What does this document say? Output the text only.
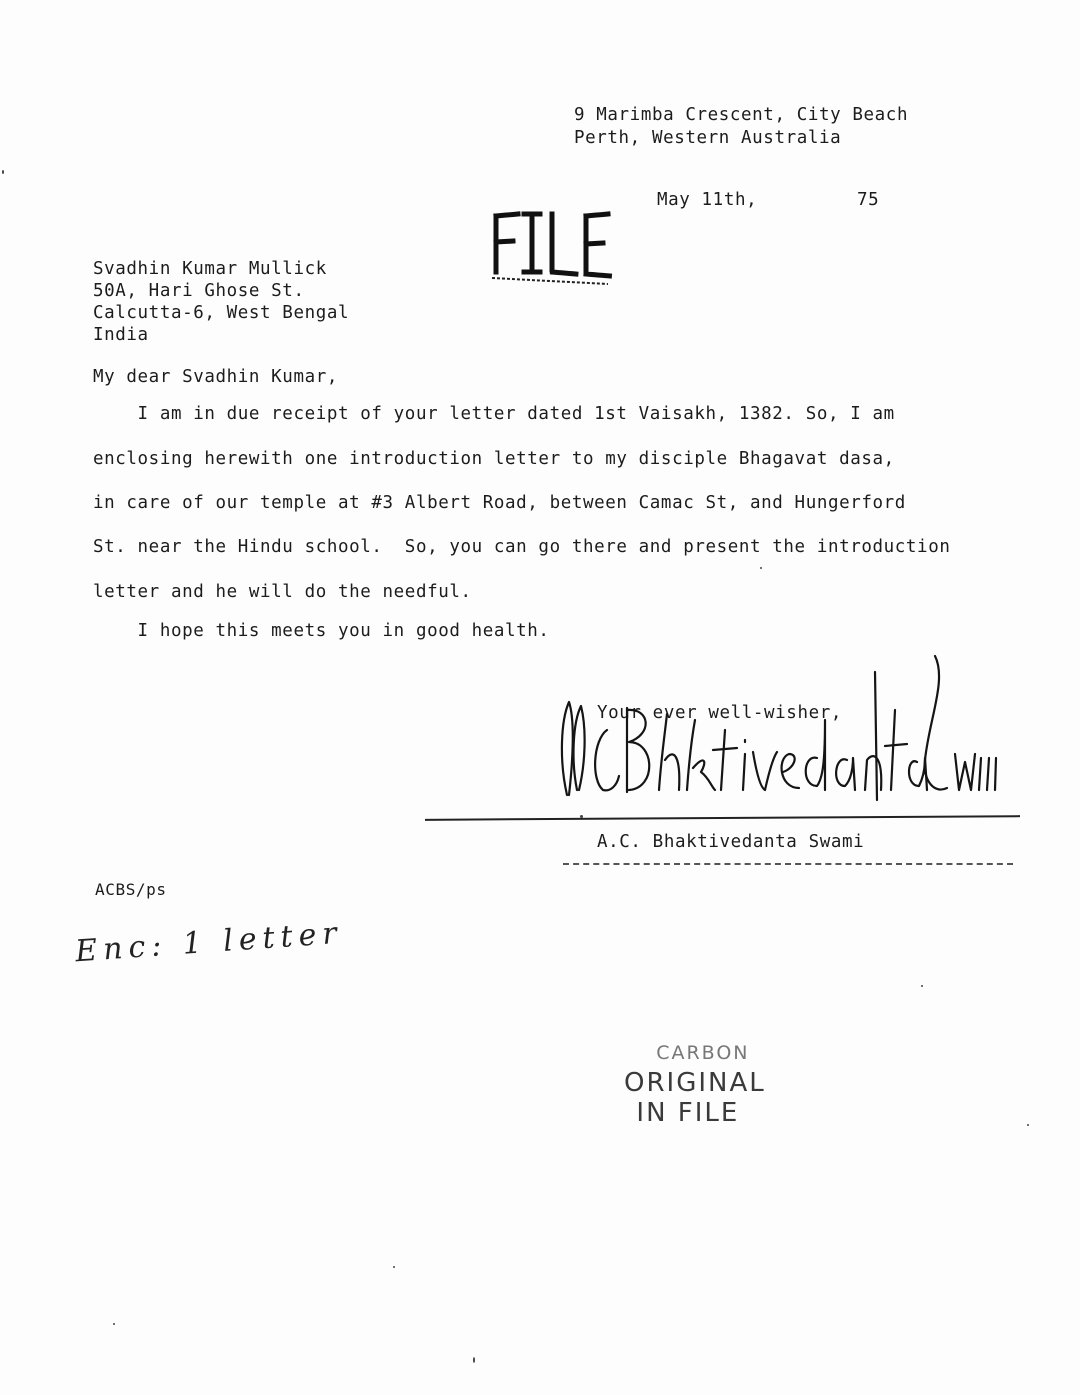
9 Marimba Crescent, City Beach
Perth, Western Australia
May 11th,	75
Svadhin Kumar Mullick
50A, Hari Ghose St.
Calcutta-6, West Bengal
India
My dear Svadhin Kumar,
I am in due receipt of your letter dated 1st Vaisakh, 1382. So, I am
enclosing herewith one introduction letter to my disciple Bhagavat dasa,
in care of our temple at #3 Albert Road, between Camac St, and Hungerford
St. near the Hindu school.  So, you can go there and present the introduction
letter and he will do the needful.
I hope this meets you in good health.
Your ever well-wisher,
A.C. Bhaktivedanta Swami
ACBS/ps
Enc: 1 letter
CARBON
ORIGINAL
IN FILE
